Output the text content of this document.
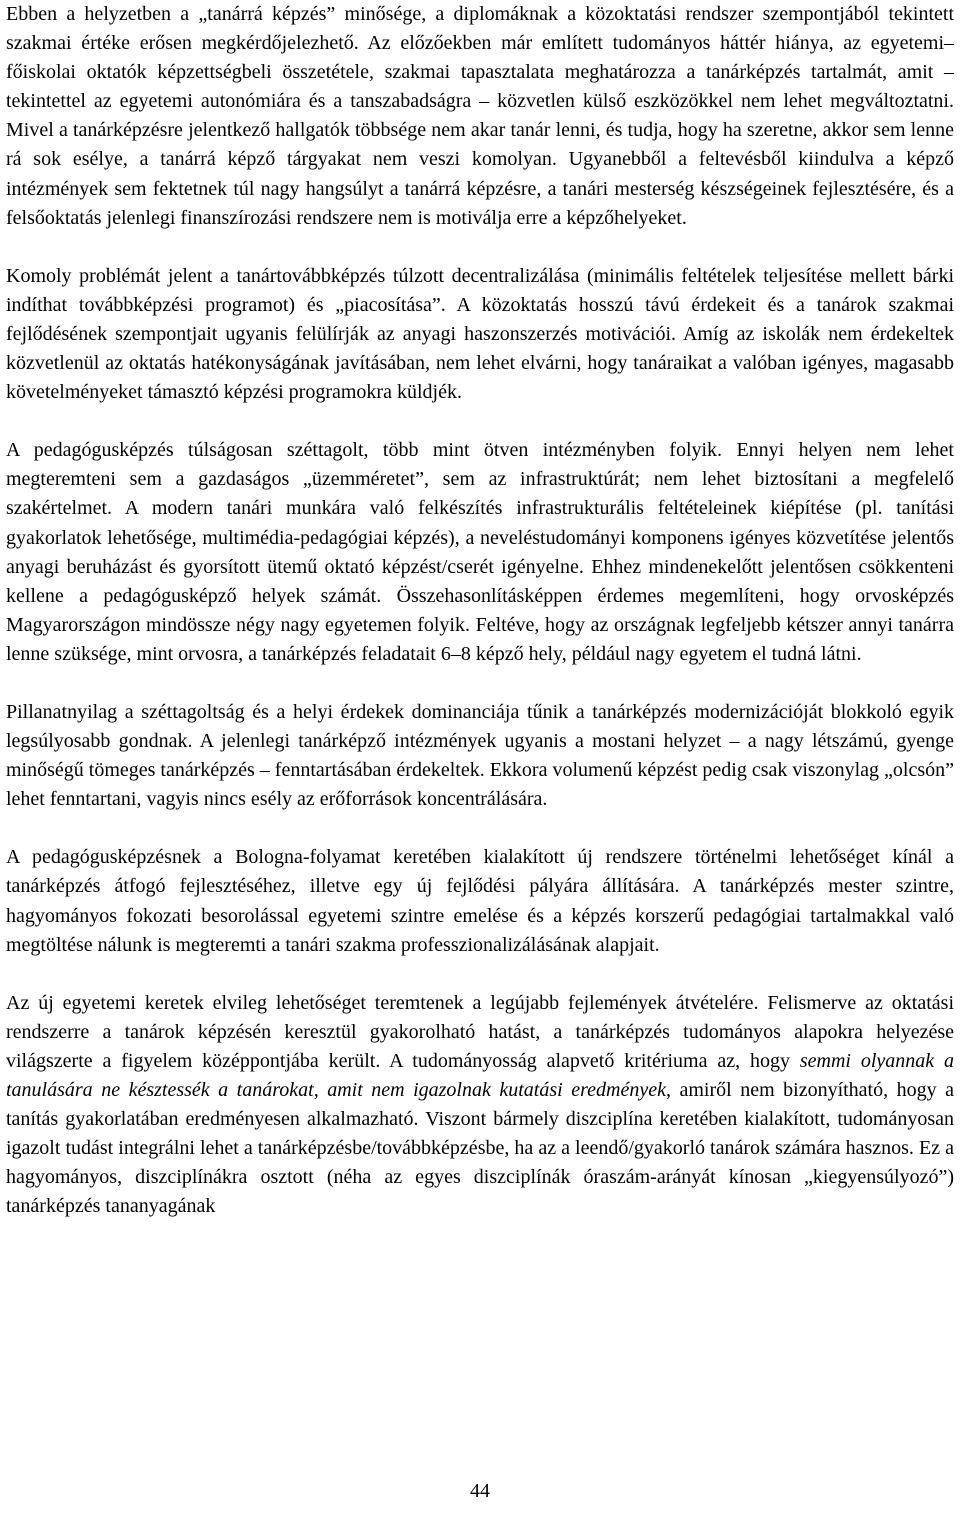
Ebben a helyzetben a „tanárrá képzés” minősége, a diplomáknak a közoktatási rendszer szempontjából tekintett szakmai értéke erősen megkérdőjelezhető. Az előzőekben már említett tudományos háttér hiánya, az egyetemi–főiskolai oktatók képzettségbeli összetétele, szakmai tapasztalata meghatározza a tanárképzés tartalmát, amit – tekintettel az egyetemi autonómiára és a tanszabadságra – közvetlen külső eszközökkel nem lehet megváltoztatni. Mivel a tanárképzésre jelentkező hallgatók többsége nem akar tanár lenni, és tudja, hogy ha szeretne, akkor sem lenne rá sok esélye, a tanárrá képző tárgyakat nem veszi komolyan. Ugyanebből a feltevésből kiindulva a képző intézmények sem fektetnek túl nagy hangsúlyt a tanárrá képzésre, a tanári mesterség készségeinek fejlesztésére, és a felsőoktatás jelenlegi finanszírozási rendszere nem is motiválja erre a képzőhelyeket.

Komoly problémát jelent a tanártovábbképzés túlzott decentralizálása (minimális feltételek teljesítése mellett bárki indíthat továbbképzési programot) és „piacosítása”. A közoktatás hosszú távú érdekeit és a tanárok szakmai fejlődésének szempontjait ugyanis felülírják az anyagi haszonszerzés motivációi. Amíg az iskolák nem érdekeltek közvetlenül az oktatás hatékonyságának javításában, nem lehet elvárni, hogy tanáraikat a valóban igényes, magasabb követelményeket támasztó képzési programokra küldjék.

A pedagógusképzés túlságosan széttagolt, több mint ötven intézményben folyik. Ennyi helyen nem lehet megteremteni sem a gazdaságos „üzemméretet”, sem az infrastruktúrát; nem lehet biztosítani a megfelelő szakértelmet. A modern tanári munkára való felkészítés infrastrukturális feltételeinek kiépítése (pl. tanítási gyakorlatok lehetősége, multimédia-pedagógiai képzés), a neveléstudományi komponens igényes közvetítése jelentős anyagi beruházást és gyorsított ütemű oktató képzést/cserét igényelne. Ehhez mindenekelőtt jelentősen csökkenteni kellene a pedagógusképző helyek számát. Összehasonlításképpen érdemes megemlíteni, hogy orvosképzés Magyarországon mindössze négy nagy egyetemen folyik. Feltéve, hogy az országnak legfeljebb kétszer annyi tanárra lenne szüksége, mint orvosra, a tanárképzés feladatait 6–8 képző hely, például nagy egyetem el tudná látni.

Pillanatnyilag a széttagoltság és a helyi érdekek dominanciája tűnik a tanárképzés modernizációját blokkoló egyik legsúlyosabb gondnak. A jelenlegi tanárképző intézmények ugyanis a mostani helyzet – a nagy létszámú, gyenge minőségű tömeges tanárképzés – fenntartásában érdekeltek. Ekkora volumenű képzést pedig csak viszonylag „olcsón” lehet fenntartani, vagyis nincs esély az erőforrások koncentrálására.

A pedagógusképzésnek a Bologna-folyamat keretében kialakított új rendszere történelmi lehetőséget kínál a tanárképzés átfogó fejlesztéséhez, illetve egy új fejlődési pályára állítására. A tanárképzés mester szintre, hagyományos fokozati besorolással egyetemi szintre emelése és a képzés korszerű pedagógiai tartalmakkal való megtöltése nálunk is megteremti a tanári szakma professzionalizálásának alapjait.

Az új egyetemi keretek elvileg lehetőséget teremtenek a legújabb fejlemények átvételére. Felismerve az oktatási rendszerre a tanárok képzésén keresztül gyakorolható hatást, a tanárképzés tudományos alapokra helyezése világszerte a figyelem középpontjába került. A tudományosság alapvető kritériuma az, hogy semmi olyannak a tanulására ne késztessék a tanárokat, amit nem igazolnak kutatási eredmények, amiről nem bizonyítható, hogy a tanítás gyakorlatában eredményesen alkalmazható. Viszont bármely diszciplína keretében kialakított, tudományosan igazolt tudást integrálni lehet a tanárképzésbe/továbbképzésbe, ha az a leendő/gyakorló tanárok számára hasznos. Ez a hagyományos, diszciplínákra osztott (néha az egyes diszciplínák óraszám-arányát kínosan „kiegyensúlyozó”) tanárképzés tananyagának

44
